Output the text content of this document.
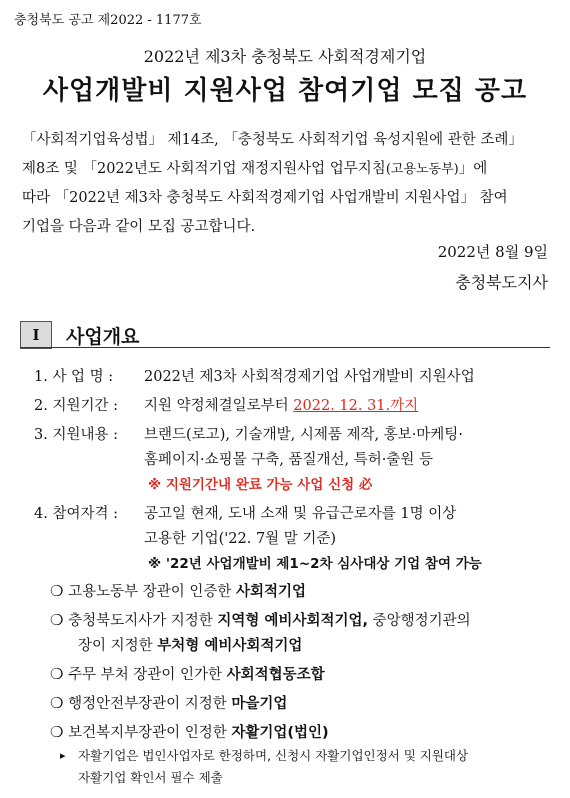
충청북도 공고 제2022 - 1177호
2022년 제3차 충청북도 사회적경제기업
사업개발비 지원사업 참여기업 모집 공고
「사회적기업육성법」 제14조, 「충청북도 사회적기업 육성지원에 관한 조례」
제8조 및 「2022년도 사회적기업 재정지원사업 업무지침(고용노동부)」에
따라 「2022년 제3차 충청북도 사회적경제기업 사업개발비 지원사업」 참여
기업을 다음과 같이 모집 공고합니다.
2022년 8월 9일
충청북도지사
Ⅰ	사업개요
1. 사 업 명 : 2022년 제3차 사회적경제기업 사업개발비 지원사업
2. 지원기간 : 지원 약정체결일로부터 2022. 12. 31.까지
3. 지원내용 : 브랜드(로고), 기술개발, 시제품 제작, 홍보·마케팅·
홈페이지·쇼핑몰 구축, 품질개선, 특허·출원 등
※ 지원기간내 완료 가능 사업 신청 必
4. 참여자격 : 공고일 현재, 도내 소재 및 유급근로자를 1명 이상
고용한 기업('22. 7월 말 기준)
※ '22년 사업개발비 제1~2차 심사대상 기업 참여 가능
❍ 고용노동부 장관이 인증한 사회적기업
❍ 충청북도지사가 지정한 지역형 예비사회적기업, 중앙행정기관의
장이 지정한 부처형 예비사회적기업
❍ 주무 부처 장관이 인가한 사회적협동조합
❍ 행정안전부장관이 지정한 마을기업
❍ 보건복지부장관이 인정한 자활기업(법인)
▸ 자활기업은 법인사업자로 한정하며, 신청시 자활기업인정서 및 지원대상
자활기업 확인서 필수 제출
